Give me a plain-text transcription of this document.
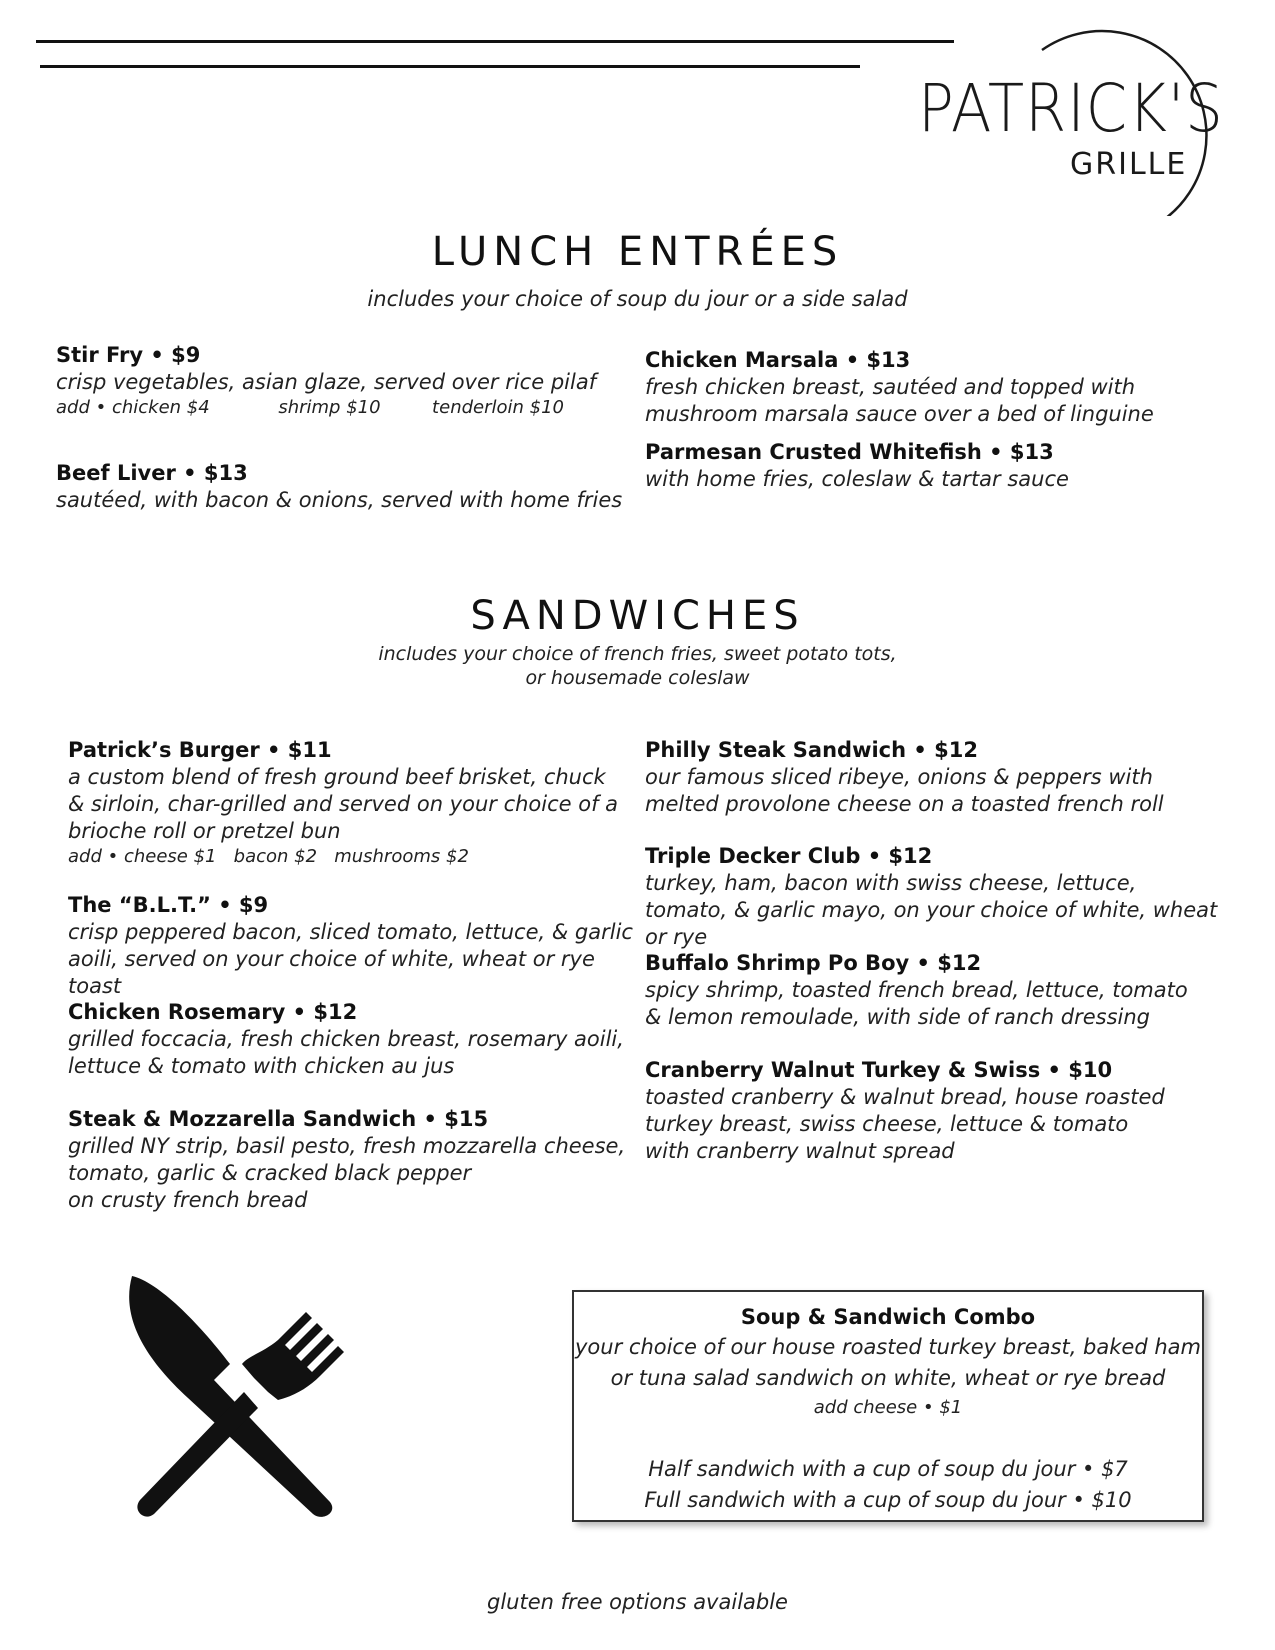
PATRICK'S
GRILLE
LUNCH ENTRÉES
includes your choice of soup du jour or a side salad
Stir Fry • $9
crisp vegetables, asian glaze, served over rice pilaf
add • chicken $4            shrimp $10         tenderloin $10
Beef Liver • $13
sautéed, with bacon & onions, served with home fries
Chicken Marsala • $13
fresh chicken breast, sautéed and topped with mushroom marsala sauce over a bed of linguine
Parmesan Crusted Whitefish • $13
with home fries, coleslaw & tartar sauce
SANDWICHES
includes your choice of french fries, sweet potato tots,
or housemade coleslaw
Patrick’s Burger • $11
a custom blend of fresh ground beef brisket, chuck & sirloin, char-grilled and served on your choice of a brioche roll or pretzel bun
add • cheese $1   bacon $2   mushrooms $2
The “B.L.T.” • $9
crisp peppered bacon, sliced tomato, lettuce, & garlic aoili, served on your choice of white, wheat or rye toast
Chicken Rosemary • $12
grilled foccacia, fresh chicken breast, rosemary aoili, lettuce & tomato with chicken au jus
Steak & Mozzarella Sandwich • $15
grilled NY strip, basil pesto, fresh mozzarella cheese,
tomato, garlic & cracked black pepper
on crusty french bread
Philly Steak Sandwich • $12
our famous sliced ribeye, onions & peppers with melted provolone cheese on a toasted french roll
Triple Decker Club • $12
turkey, ham, bacon with swiss cheese, lettuce, tomato, & garlic mayo, on your choice of white, wheat or rye
Buffalo Shrimp Po Boy • $12
spicy shrimp, toasted french bread, lettuce, tomato & lemon remoulade, with side of ranch dressing
Cranberry Walnut Turkey & Swiss • $10
toasted cranberry & walnut bread, house roasted turkey breast, swiss cheese, lettuce & tomato with cranberry walnut spread
Soup & Sandwich Combo
your choice of our house roasted turkey breast, baked ham
or tuna salad sandwich on white, wheat or rye bread
add cheese • $1
Half sandwich with a cup of soup du jour • $7
Full sandwich with a cup of soup du jour • $10
gluten free options available
